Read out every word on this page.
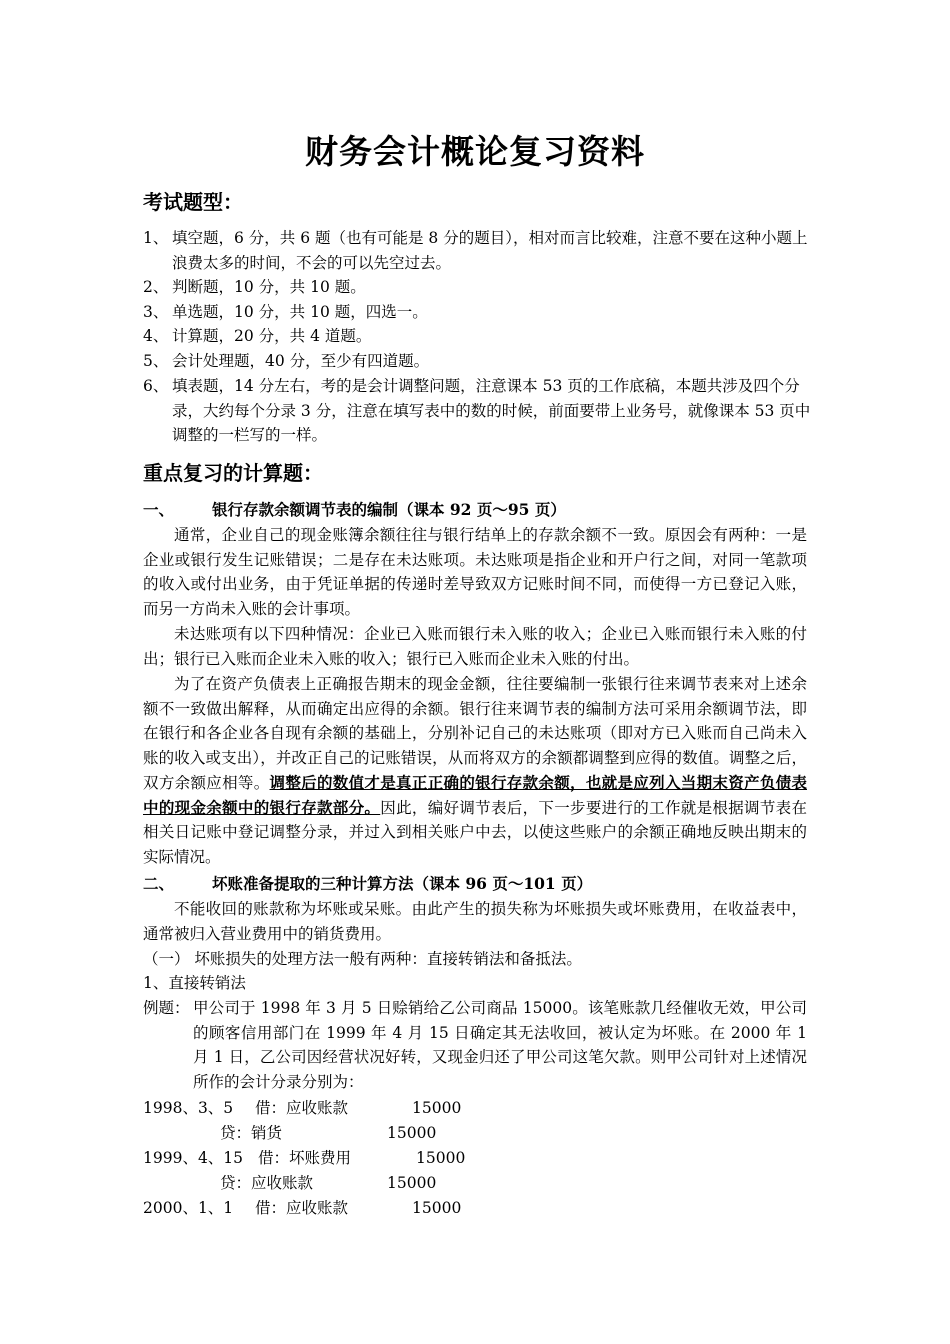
财务会计概论复习资料
考试题型：
1、 填空题，6 分，共 6 题（也有可能是 8 分的题目），相对而言比较难，注意不要在这种小题上浪费太多的时间，不会的可以先空过去。
2、 判断题，10 分，共 10 题。
3、 单选题，10 分，共 10 题，四选一。
4、 计算题，20 分，共 4 道题。
5、 会计处理题，40 分，至少有四道题。
6、 填表题，14 分左右，考的是会计调整问题，注意课本 53 页的工作底稿，本题共涉及四个分录，大约每个分录 3 分，注意在填写表中的数的时候，前面要带上业务号，就像课本 53 页中调整的一栏写的一样。
重点复习的计算题：
一、 银行存款余额调节表的编制（课本 92 页～95 页）
通常，企业自己的现金账簿余额往往与银行结单上的存款余额不一致。原因会有两种：一是企业或银行发生记账错误；二是存在未达账项。未达账项是指企业和开户行之间，对同一笔款项的收入或付出业务，由于凭证单据的传递时差导致双方记账时间不同，而使得一方已登记入账，而另一方尚未入账的会计事项。
未达账项有以下四种情况：企业已入账而银行未入账的收入；企业已入账而银行未入账的付出；银行已入账而企业未入账的收入；银行已入账而企业未入账的付出。
为了在资产负债表上正确报告期末的现金金额，往往要编制一张银行往来调节表来对上述余额不一致做出解释，从而确定出应得的余额。银行往来调节表的编制方法可采用余额调节法，即在银行和各企业各自现有余额的基础上，分别补记自己的未达账项（即对方已入账而自己尚未入账的收入或支出），并改正自己的记账错误，从而将双方的余额都调整到应得的数值。调整之后，双方余额应相等。调整后的数值才是真正正确的银行存款余额，也就是应列入当期末资产负债表中的现金余额中的银行存款部分。因此，编好调节表后，下一步要进行的工作就是根据调节表在相关日记账中登记调整分录，并过入到相关账户中去，以使这些账户的余额正确地反映出期末的实际情况。
二、 坏账准备提取的三种计算方法（课本 96 页～101 页）
不能收回的账款称为坏账或呆账。由此产生的损失称为坏账损失或坏账费用，在收益表中，通常被归入营业费用中的销货费用。
（一） 坏账损失的处理方法一般有两种：直接转销法和备抵法。
1、直接转销法
例题： 甲公司于 1998 年 3 月 5 日赊销给乙公司商品 15000。该笔账款几经催收无效，甲公司的顾客信用部门在 1999 年 4 月 15 日确定其无法收回，被认定为坏账。在 2000 年 1 月 1 日，乙公司因经营状况好转，又现金归还了甲公司这笔欠款。则甲公司针对上述情况所作的会计分录分别为：
1998、3、5 借：应收账款	15000
贷：销货	15000
1999、4、15 借：坏账费用	15000
贷：应收账款	15000
2000、1、1 借：应收账款	15000
